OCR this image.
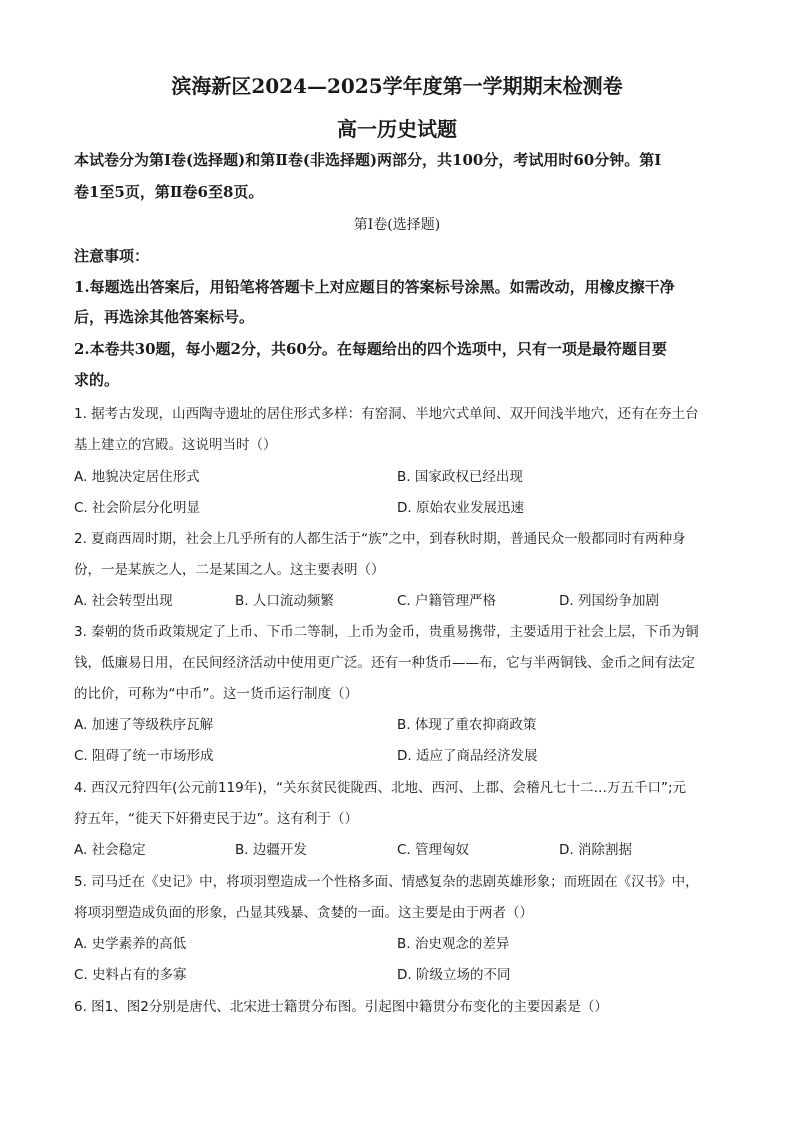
滨海新区2024—2025学年度第一学期期末检测卷
高一历史试题
本试卷分为第Ⅰ卷(选择题)和第Ⅱ卷(非选择题)两部分，共100分，考试用时60分钟。第Ⅰ
卷1至5页，第Ⅱ卷6至8页。
第Ⅰ卷(选择题)
注意事项：
1.每题选出答案后，用铅笔将答题卡上对应题目的答案标号涂黑。如需改动，用橡皮擦干净
后，再选涂其他答案标号。
2.本卷共30题，每小题2分，共60分。在每题给出的四个选项中，只有一项是最符题目要
求的。
1. 据考古发现，山西陶寺遗址的居住形式多样：有窑洞、半地穴式单间、双开间浅半地穴，还有在夯土台
基上建立的宫殿。这说明当时（）
A. 地貌决定居住形式	B. 国家政权已经出现
C. 社会阶层分化明显	D. 原始农业发展迅速
2. 夏商西周时期，社会上几乎所有的人都生活于“族”之中，到春秋时期，普通民众一般都同时有两种身
份，一是某族之人，二是某国之人。这主要表明（）
A. 社会转型出现	B. 人口流动频繁	C. 户籍管理严格	D. 列国纷争加剧
3. 秦朝的货币政策规定了上币、下币二等制，上币为金币，贵重易携带，主要适用于社会上层，下币为铜
钱，低廉易日用，在民间经济活动中使用更广泛。还有一种货币——布，它与半两铜钱、金币之间有法定
的比价，可称为“中币”。这一货币运行制度（）
A. 加速了等级秩序瓦解	B. 体现了重农抑商政策
C. 阻碍了统一市场形成	D. 适应了商品经济发展
4. 西汉元狩四年(公元前119年)，“关东贫民徙陇西、北地、西河、上郡、会稽凡七十二…万五千口”;元
狩五年，“徙天下奸猾吏民于边”。这有利于（）
A. 社会稳定	B. 边疆开发	C. 管理匈奴	D. 消除割据
5. 司马迁在《史记》中，将项羽塑造成一个性格多面、情感复杂的悲剧英雄形象；而班固在《汉书》中，
将项羽塑造成负面的形象，凸显其残暴、贪婪的一面。这主要是由于两者（）
A. 史学素养的高低	B. 治史观念的差异
C. 史料占有的多寡	D. 阶级立场的不同
6. 图1、图2分别是唐代、北宋进士籍贯分布图。引起图中籍贯分布变化的主要因素是（）
